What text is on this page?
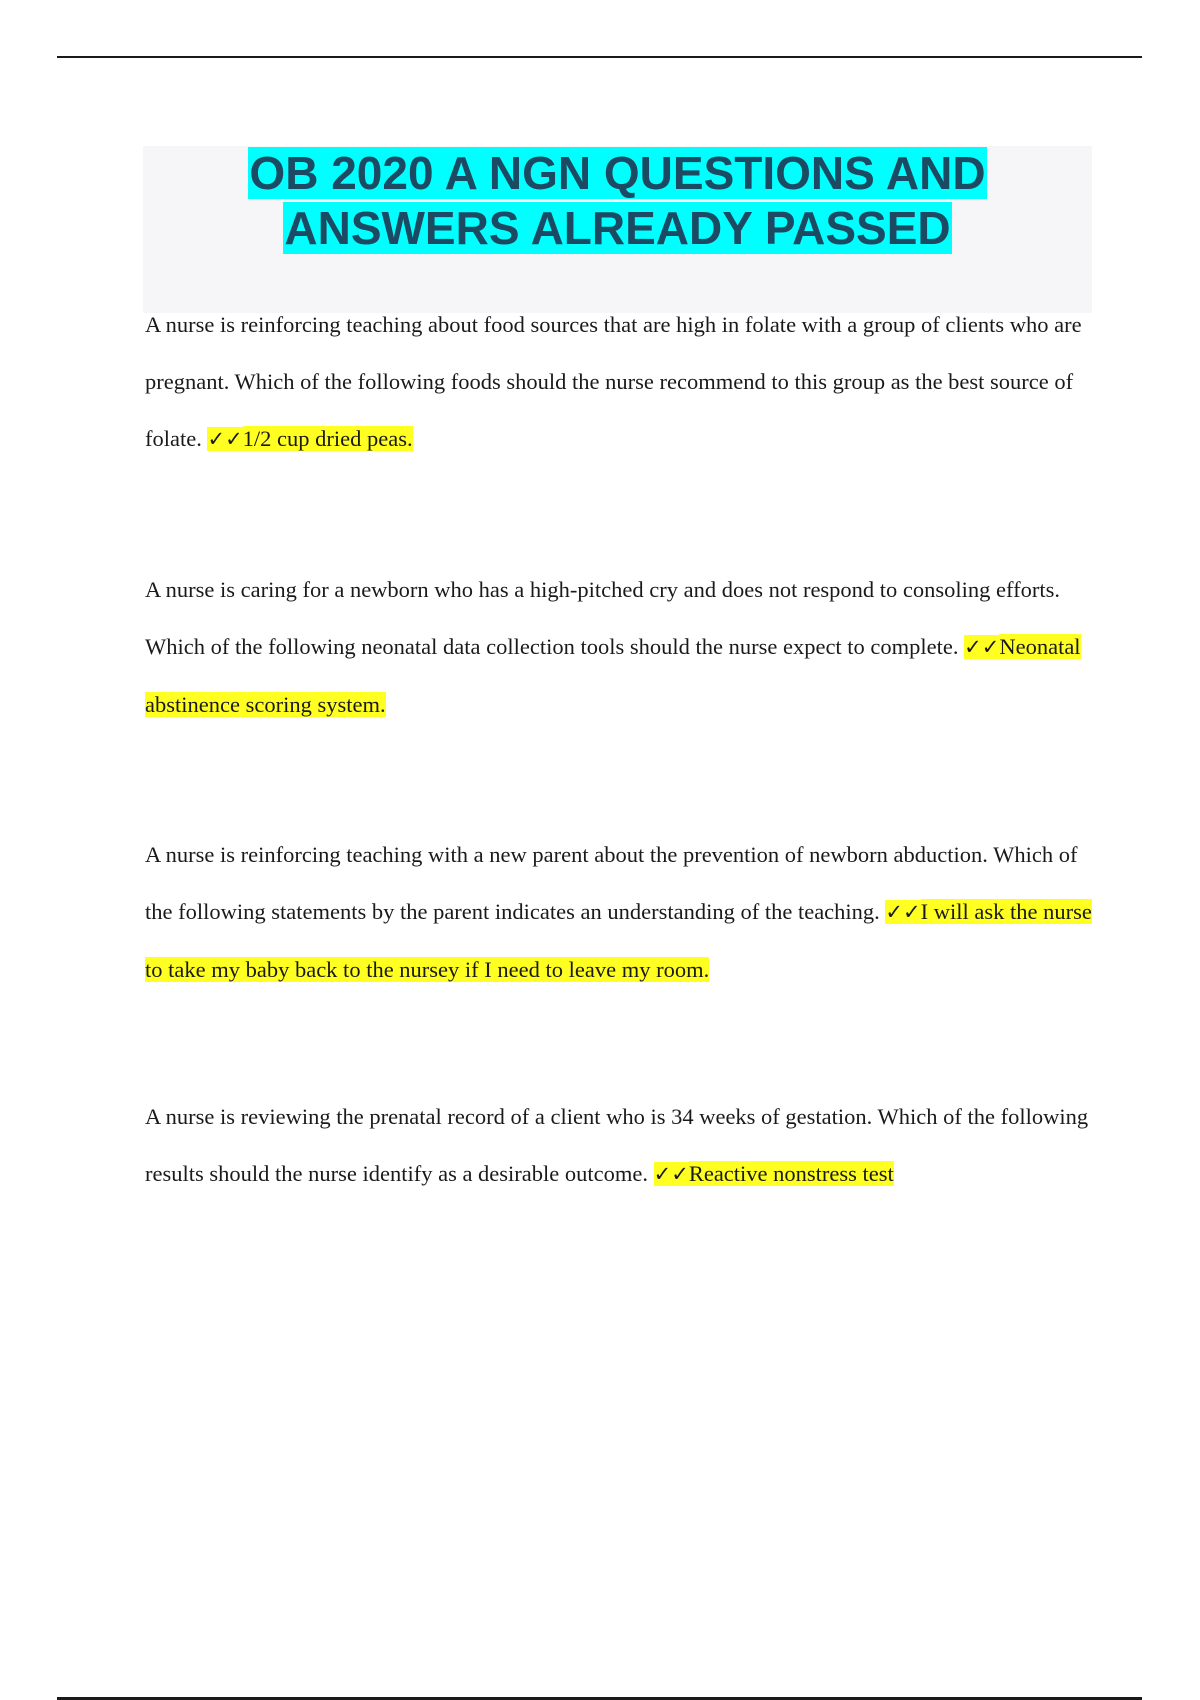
OB 2020 A NGN QUESTIONS AND
ANSWERS ALREADY PASSED

A nurse is reinforcing teaching about food sources that are high in folate with a group of clients who are pregnant. Which of the following foods should the nurse recommend to this group as the best source of folate. ✓✓1/2 cup dried peas.

A nurse is caring for a newborn who has a high-pitched cry and does not respond to consoling efforts. Which of the following neonatal data collection tools should the nurse expect to complete. ✓✓Neonatal abstinence scoring system.

A nurse is reinforcing teaching with a new parent about the prevention of newborn abduction. Which of the following statements by the parent indicates an understanding of the teaching. ✓✓I will ask the nurse to take my baby back to the nursey if I need to leave my room.

A nurse is reviewing the prenatal record of a client who is 34 weeks of gestation. Which of the following results should the nurse identify as a desirable outcome. ✓✓Reactive nonstress test
